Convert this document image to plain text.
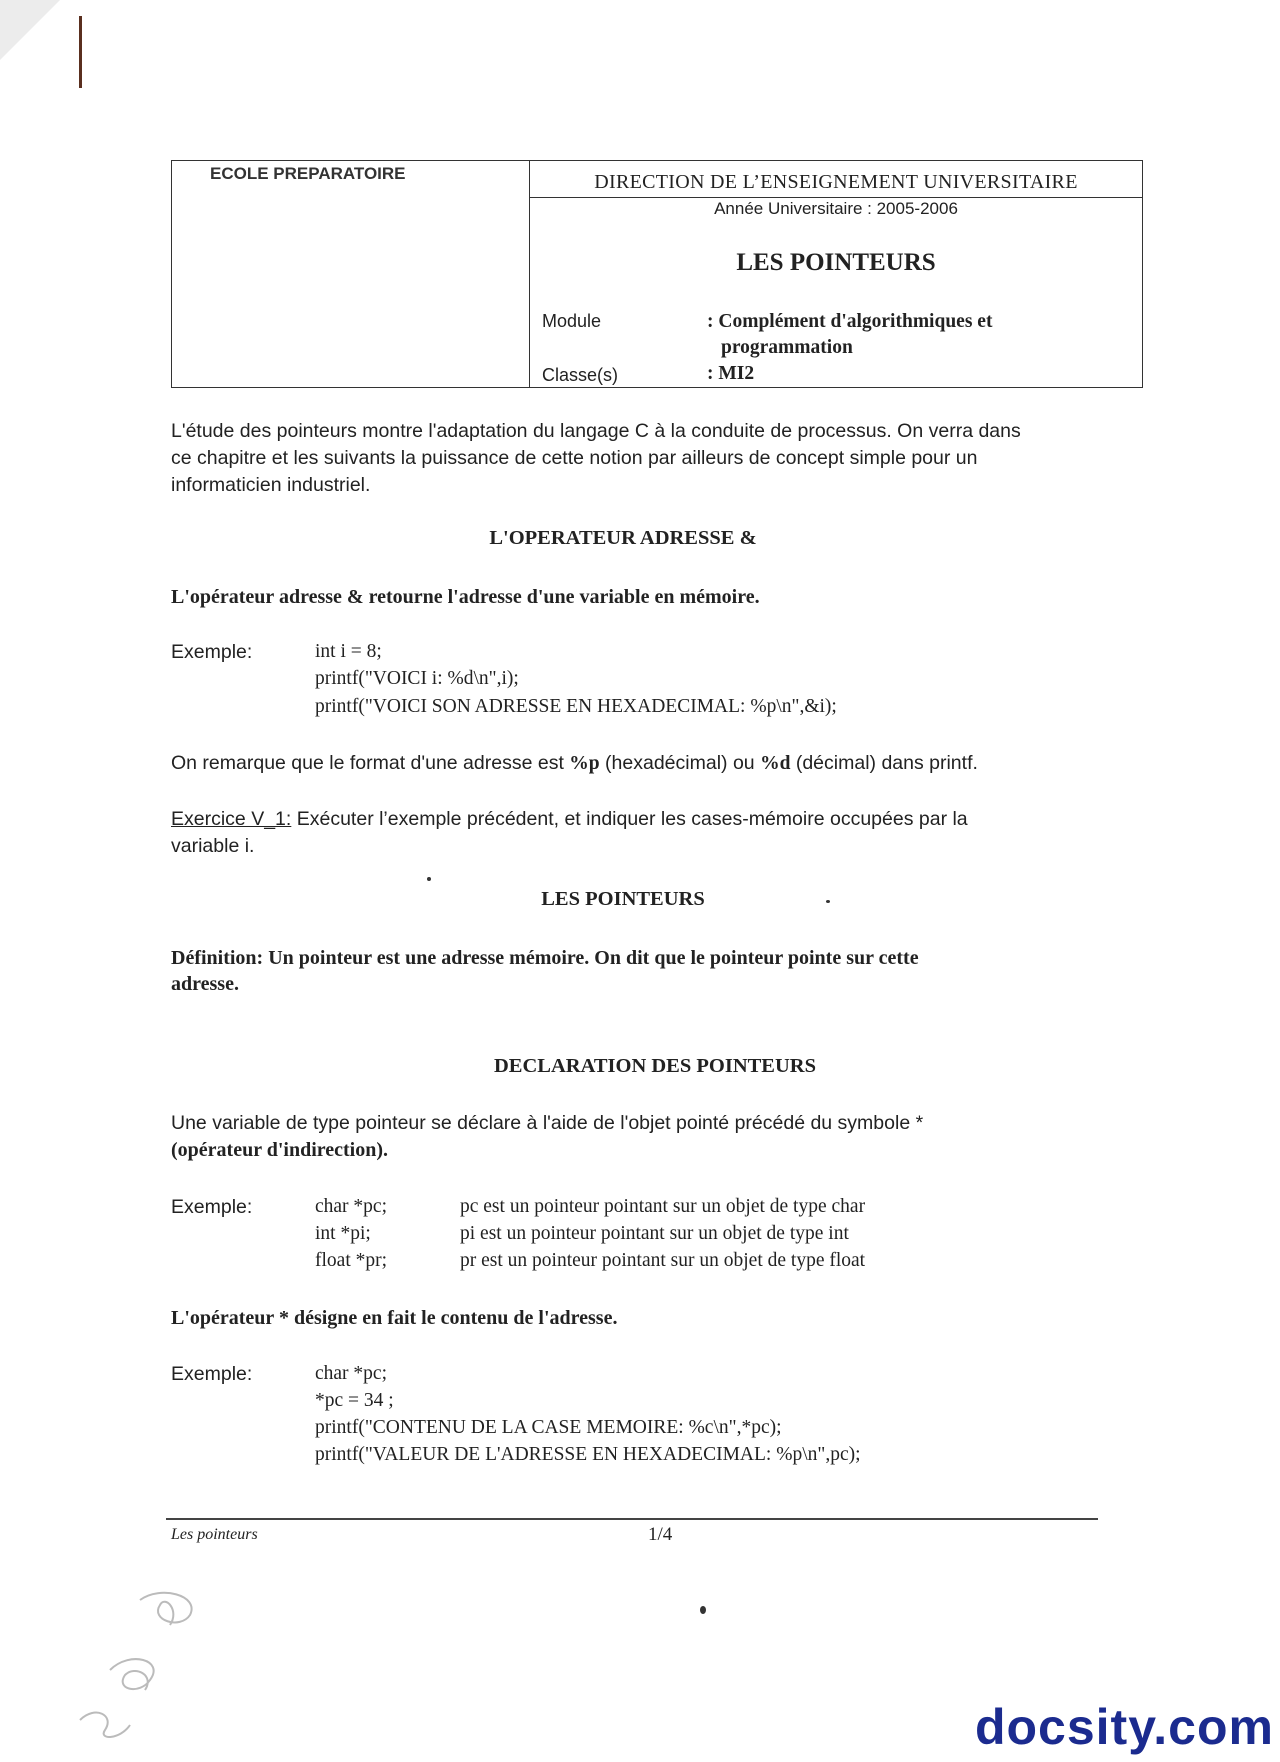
ECOLE PREPARATOIRE	DIRECTION DE L’ENSEIGNEMENT UNIVERSITAIRE
Année Universitaire : 2005-2006
LES POINTEURS
Module	: Complément d'algorithmiques et
programmation
Classe(s)	: MI2
L'étude des pointeurs montre l'adaptation du langage C à la conduite de processus. On verra dans
ce chapitre et les suivants la puissance de cette notion par ailleurs de concept simple pour un
informaticien industriel.
L'OPERATEUR ADRESSE &
L'opérateur adresse & retourne l'adresse d'une variable en mémoire.
Exemple:	int i = 8;
printf("VOICI i: %d\n",i);
printf("VOICI SON ADRESSE EN HEXADECIMAL: %p\n",&i);
On remarque que le format d'une adresse est %p (hexadécimal) ou %d (décimal) dans printf.
Exercice V_1: Exécuter l’exemple précédent, et indiquer les cases-mémoire occupées par la
variable i.
LES POINTEURS
Définition: Un pointeur est une adresse mémoire. On dit que le pointeur pointe sur cette
adresse.
DECLARATION DES POINTEURS
Une variable de type pointeur se déclare à l'aide de l'objet pointé précédé du symbole *
(opérateur d'indirection).
Exemple:	char *pc;	pc est un pointeur pointant sur un objet de type char
int *pi;	pi est un pointeur pointant sur un objet de type int
float *pr;	pr est un pointeur pointant sur un objet de type float
L'opérateur * désigne en fait le contenu de l'adresse.
Exemple:	char *pc;
*pc = 34 ;
printf("CONTENU DE LA CASE MEMOIRE: %c\n",*pc);
printf("VALEUR DE L'ADRESSE EN HEXADECIMAL: %p\n",pc);
Les pointeurs	1/4
docsity.com
